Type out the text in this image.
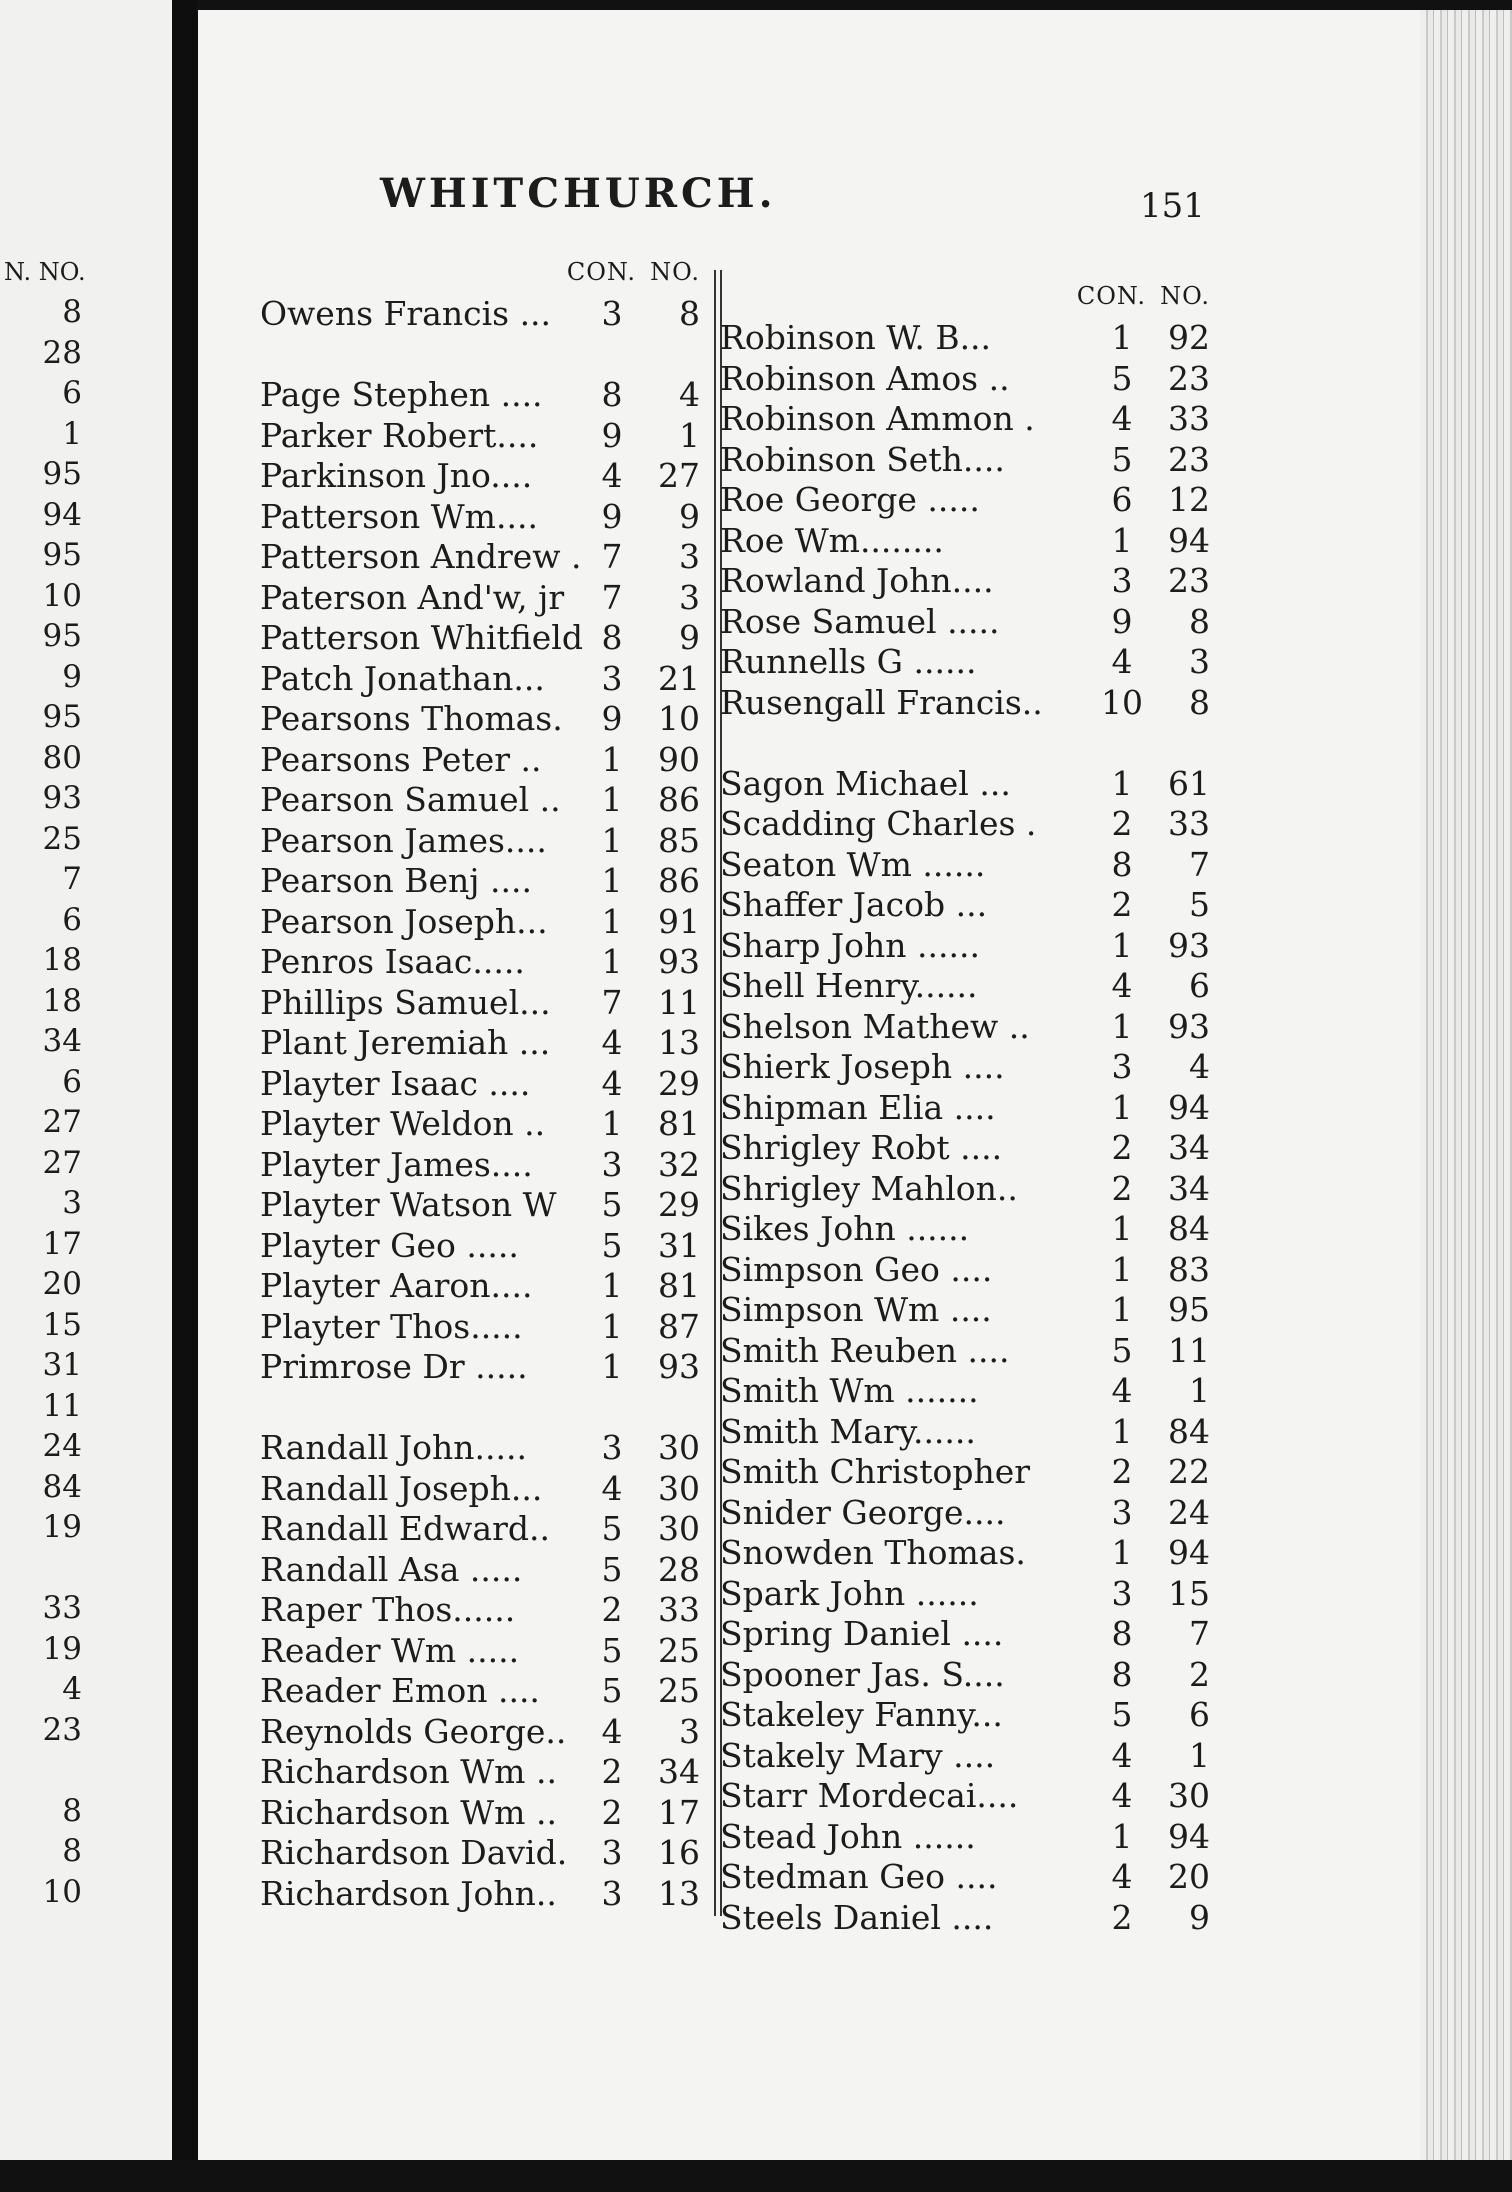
N. NO.
8
28
6
1
95
94
95
10
95
9
95
80
93
25
7
6
18
18
34
6
27
27
3
17
20
15
31
11
24
84
19
33
19
4
23
8
8
10
WHITCHURCH.	151
CON. NO.
Owens Francis ...	3	8
Page Stephen ....	8	4
Parker Robert....	9	1
Parkinson Jno....	4	27
Patterson Wm....	9	9
Patterson Andrew . 7	3
Paterson And'w, jr	7	3
Patterson Whitfield 8	9
Patch Jonathan...	3	21
Pearsons Thomas.	9	10
Pearsons Peter ..	1	90
Pearson Samuel ..	1	86
Pearson James....	1	85
Pearson Benj ....	1	86
Pearson Joseph...	1	91
Penros Isaac.....	1	93
Phillips Samuel...	7	11
Plant Jeremiah ...	4	13
Playter Isaac ....	4	29
Playter Weldon ..	1	81
Playter James....	3	32
Playter Watson W	5	29
Playter Geo .....	5	31
Playter Aaron....	1	81
Playter Thos.....	1	87
Primrose Dr .....	1	93
Randall John.....	3	30
Randall Joseph...	4	30
Randall Edward..	5	30
Randall Asa .....	5	28
Raper Thos......	2	33
Reader Wm .....	5	25
Reader Emon ....	5	25
Reynolds George..	4	3
Richardson Wm ..	2	34
Richardson Wm ..	2	17
Richardson David.	3	16
Richardson John..	3	13
CON. NO.
Robinson W. B...	1	92
Robinson Amos ..	5	23
Robinson Ammon .	4	33
Robinson Seth....	5	23
Roe George .....	6	12
Roe Wm........	1	94
Rowland John....	3	23
Rose Samuel .....	9	8
Runnells G ......	4	3
Rusengall Francis..	10	8
Sagon Michael ...	1	61
Scadding Charles .	2	33
Seaton Wm ......	8	7
Shaffer Jacob ...	2	5
Sharp John ......	1	93
Shell Henry......	4	6
Shelson Mathew ..	1	93
Shierk Joseph ....	3	4
Shipman Elia ....	1	94
Shrigley Robt ....	2	34
Shrigley Mahlon..	2	34
Sikes John ......	1	84
Simpson Geo ....	1	83
Simpson Wm ....	1	95
Smith Reuben ....	5	11
Smith Wm .......	4	1
Smith Mary......	1	84
Smith Christopher	2	22
Snider George....	3	24
Snowden Thomas.	1	94
Spark John ......	3	15
Spring Daniel ....	8	7
Spooner Jas. S....	8	2
Stakeley Fanny...	5	6
Stakely Mary ....	4	1
Starr Mordecai....	4	30
Stead John ......	1	94
Stedman Geo ....	4	20
Steels Daniel ....	2	9
